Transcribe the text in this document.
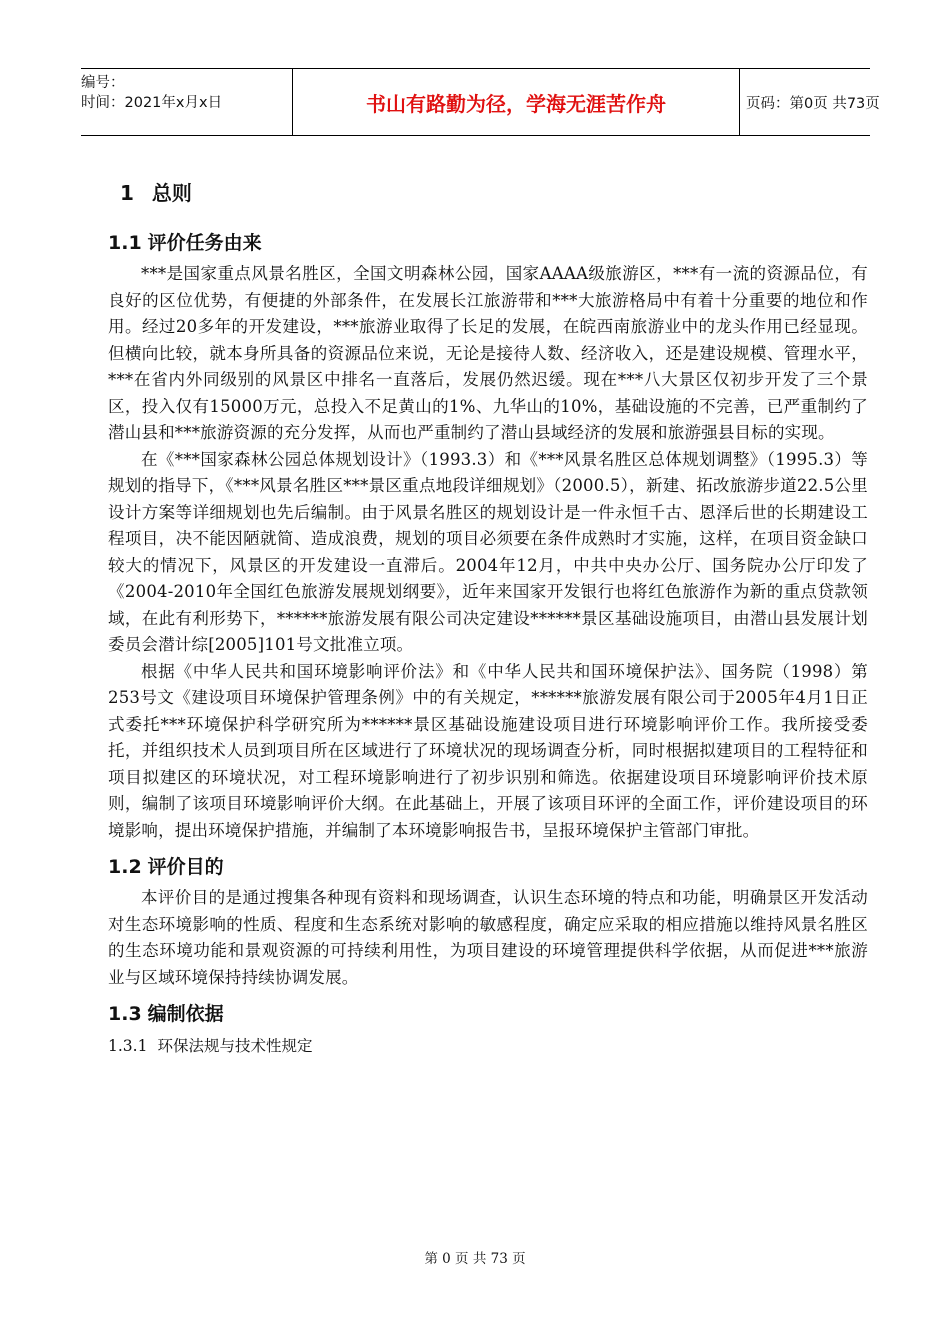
编号：
时间：2021年x月x日	书山有路勤为径，学海无涯苦作舟	页码：第0页 共73页
1 总则
1.1 评价任务由来

***是国家重点风景名胜区，全国文明森林公园，国家AAAA级旅游区，***有一流的资源品位，有良好的区位优势，有便捷的外部条件，在发展长江旅游带和***大旅游格局中有着十分重要的地位和作用。经过20多年的开发建设，***旅游业取得了长足的发展，在皖西南旅游业中的龙头作用已经显现。但横向比较，就本身所具备的资源品位来说，无论是接待人数、经济收入，还是建设规模、管理水平，***在省内外同级别的风景区中排名一直落后，发展仍然迟缓。现在***八大景区仅初步开发了三个景区，投入仅有15000万元，总投入不足黄山的1%、九华山的10%，基础设施的不完善，已严重制约了潜山县和***旅游资源的充分发挥，从而也严重制约了潜山县域经济的发展和旅游强县目标的实现。

在《***国家森林公园总体规划设计》（1993.3）和《***风景名胜区总体规划调整》（1995.3）等规划的指导下，《***风景名胜区***景区重点地段详细规划》（2000.5），新建、拓改旅游步道22.5公里设计方案等详细规划也先后编制。由于风景名胜区的规划设计是一件永恒千古、恩泽后世的长期建设工程项目，决不能因陋就简、造成浪费，规划的项目必须要在条件成熟时才实施，这样，在项目资金缺口较大的情况下，风景区的开发建设一直滞后。2004年12月，中共中央办公厅、国务院办公厅印发了《2004-2010年全国红色旅游发展规划纲要》，近年来国家开发银行也将红色旅游作为新的重点贷款领域，在此有利形势下，******旅游发展有限公司决定建设******景区基础设施项目，由潜山县发展计划委员会潜计综[2005]101号文批准立项。

根据《中华人民共和国环境影响评价法》和《中华人民共和国环境保护法》、国务院（1998）第253号文《建设项目环境保护管理条例》中的有关规定，******旅游发展有限公司于2005年4月1日正式委托***环境保护科学研究所为******景区基础设施建设项目进行环境影响评价工作。我所接受委托，并组织技术人员到项目所在区域进行了环境状况的现场调查分析，同时根据拟建项目的工程特征和项目拟建区的环境状况，对工程环境影响进行了初步识别和筛选。依据建设项目环境影响评价技术原则，编制了该项目环境影响评价大纲。在此基础上，开展了该项目环评的全面工作，评价建设项目的环境影响，提出环境保护措施，并编制了本环境影响报告书，呈报环境保护主管部门审批。

1.2 评价目的

本评价目的是通过搜集各种现有资料和现场调查，认识生态环境的特点和功能，明确景区开发活动对生态环境影响的性质、程度和生态系统对影响的敏感程度，确定应采取的相应措施以维持风景名胜区的生态环境功能和景观资源的可持续利用性，为项目建设的环境管理提供科学依据，从而促进***旅游业与区域环境保持持续协调发展。

1.3 编制依据
1.3.1 环保法规与技术性规定
第 0 页 共 73 页
